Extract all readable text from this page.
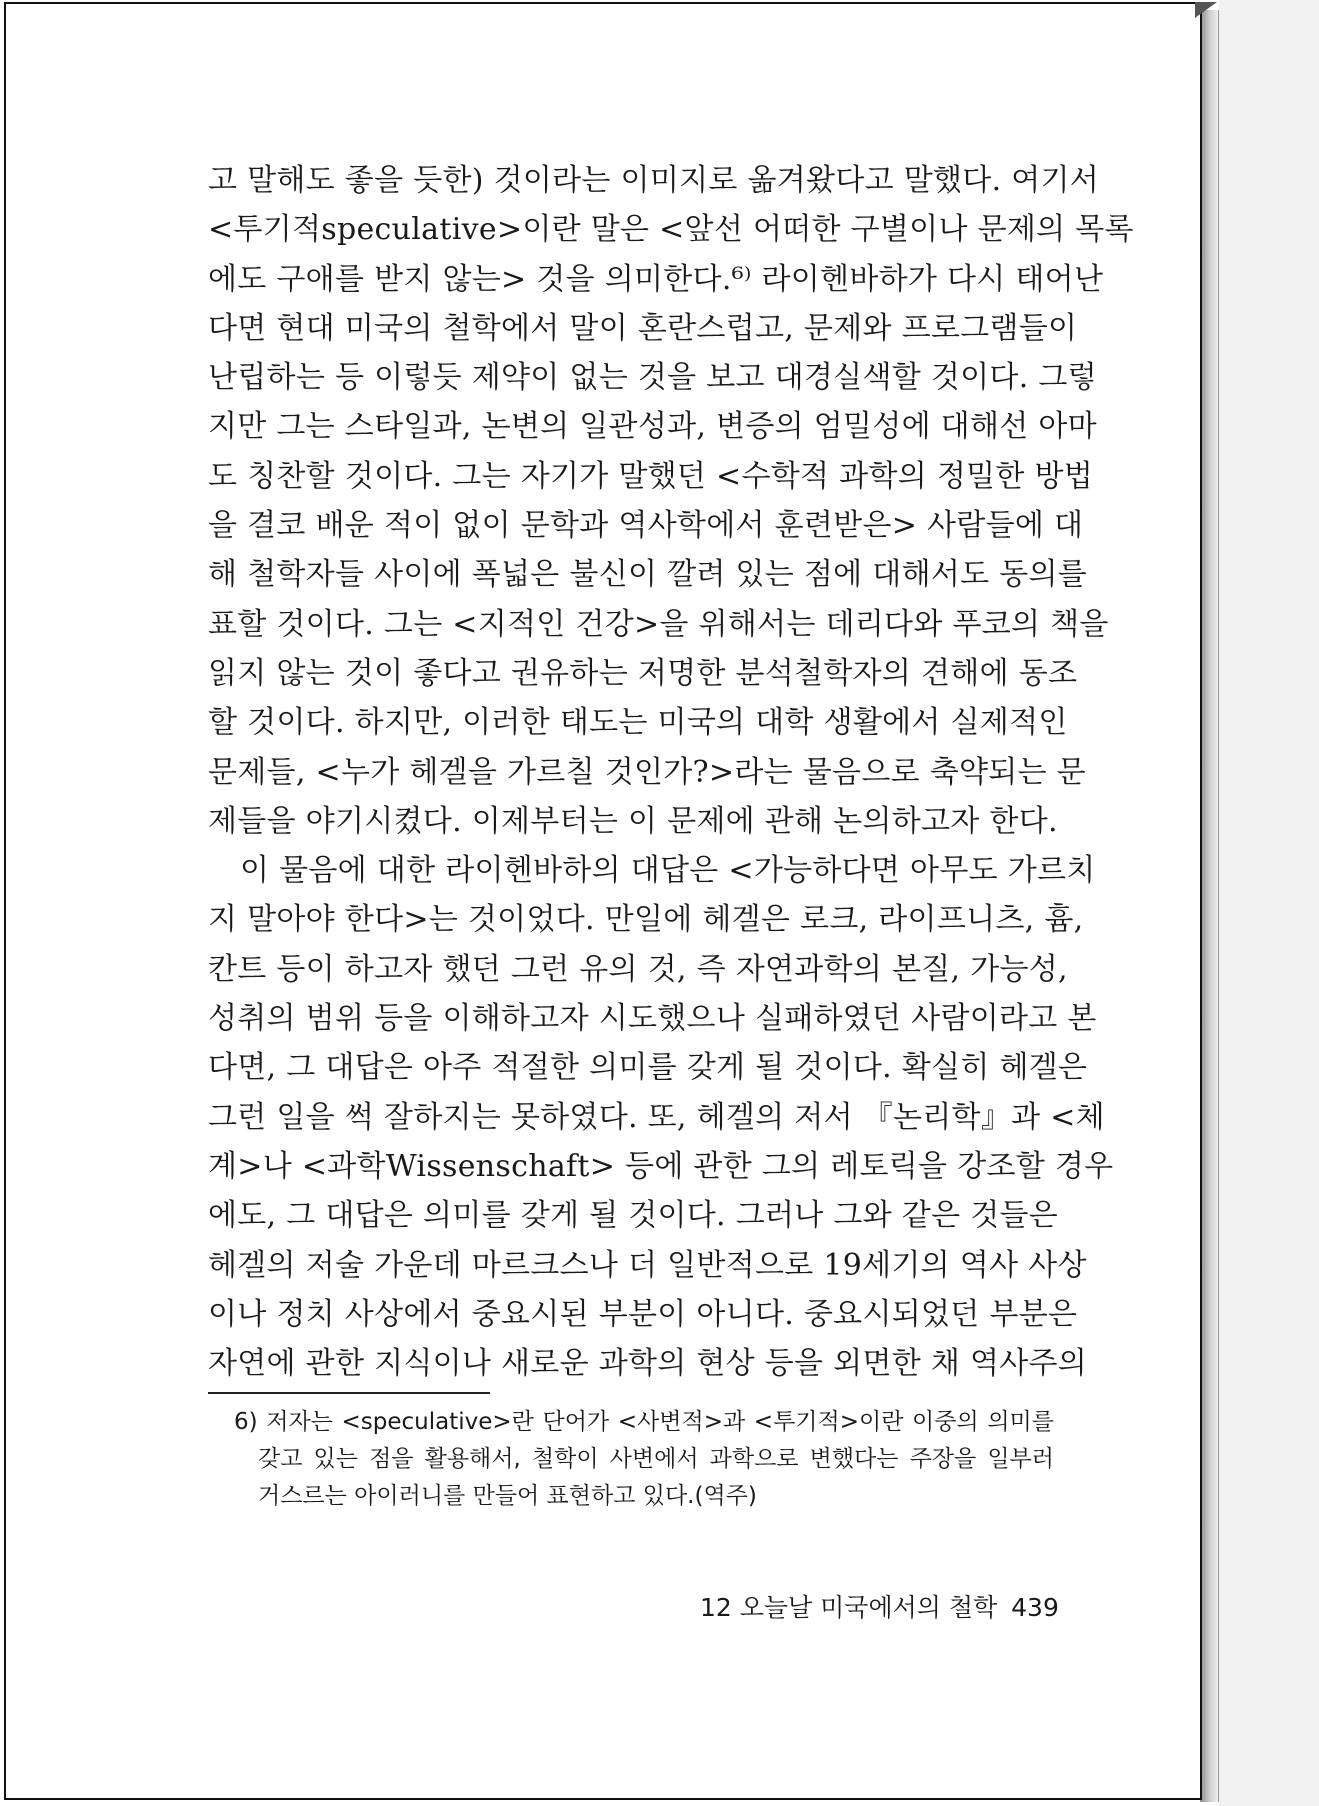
고 말해도 좋을 듯한) 것이라는 이미지로 옮겨왔다고 말했다. 여기서
<투기적speculative>이란 말은 <앞선 어떠한 구별이나 문제의 목록
에도 구애를 받지 않는> 것을 의미한다.⁶⁾ 라이헨바하가 다시 태어난
다면 현대 미국의 철학에서 말이 혼란스럽고, 문제와 프로그램들이
난립하는 등 이렇듯 제약이 없는 것을 보고 대경실색할 것이다. 그렇
지만 그는 스타일과, 논변의 일관성과, 변증의 엄밀성에 대해선 아마
도 칭찬할 것이다. 그는 자기가 말했던 <수학적 과학의 정밀한 방법
을 결코 배운 적이 없이 문학과 역사학에서 훈련받은> 사람들에 대
해 철학자들 사이에 폭넓은 불신이 깔려 있는 점에 대해서도 동의를
표할 것이다. 그는 <지적인 건강>을 위해서는 데리다와 푸코의 책을
읽지 않는 것이 좋다고 권유하는 저명한 분석철학자의 견해에 동조
할 것이다. 하지만, 이러한 태도는 미국의 대학 생활에서 실제적인
문제들, <누가 헤겔을 가르칠 것인가?>라는 물음으로 축약되는 문
제들을 야기시켰다. 이제부터는 이 문제에 관해 논의하고자 한다.
이 물음에 대한 라이헨바하의 대답은 <가능하다면 아무도 가르치
지 말아야 한다>는 것이었다. 만일에 헤겔은 로크, 라이프니츠, 흄,
칸트 등이 하고자 했던 그런 유의 것, 즉 자연과학의 본질, 가능성,
성취의 범위 등을 이해하고자 시도했으나 실패하였던 사람이라고 본
다면, 그 대답은 아주 적절한 의미를 갖게 될 것이다. 확실히 헤겔은
그런 일을 썩 잘하지는 못하였다. 또, 헤겔의 저서 『논리학』과 <체
계>나 <과학Wissenschaft> 등에 관한 그의 레토릭을 강조할 경우
에도, 그 대답은 의미를 갖게 될 것이다. 그러나 그와 같은 것들은
헤겔의 저술 가운데 마르크스나 더 일반적으로 19세기의 역사 사상
이나 정치 사상에서 중요시된 부분이 아니다. 중요시되었던 부분은
자연에 관한 지식이나 새로운 과학의 현상 등을 외면한 채 역사주의
6) 저자는 <speculative>란 단어가 <사변적>과 <투기적>이란 이중의 의미를
갖고 있는 점을 활용해서, 철학이 사변에서 과학으로 변했다는 주장을 일부러
거스르는 아이러니를 만들어 표현하고 있다.(역주)
12 오늘날 미국에서의 철학 439
